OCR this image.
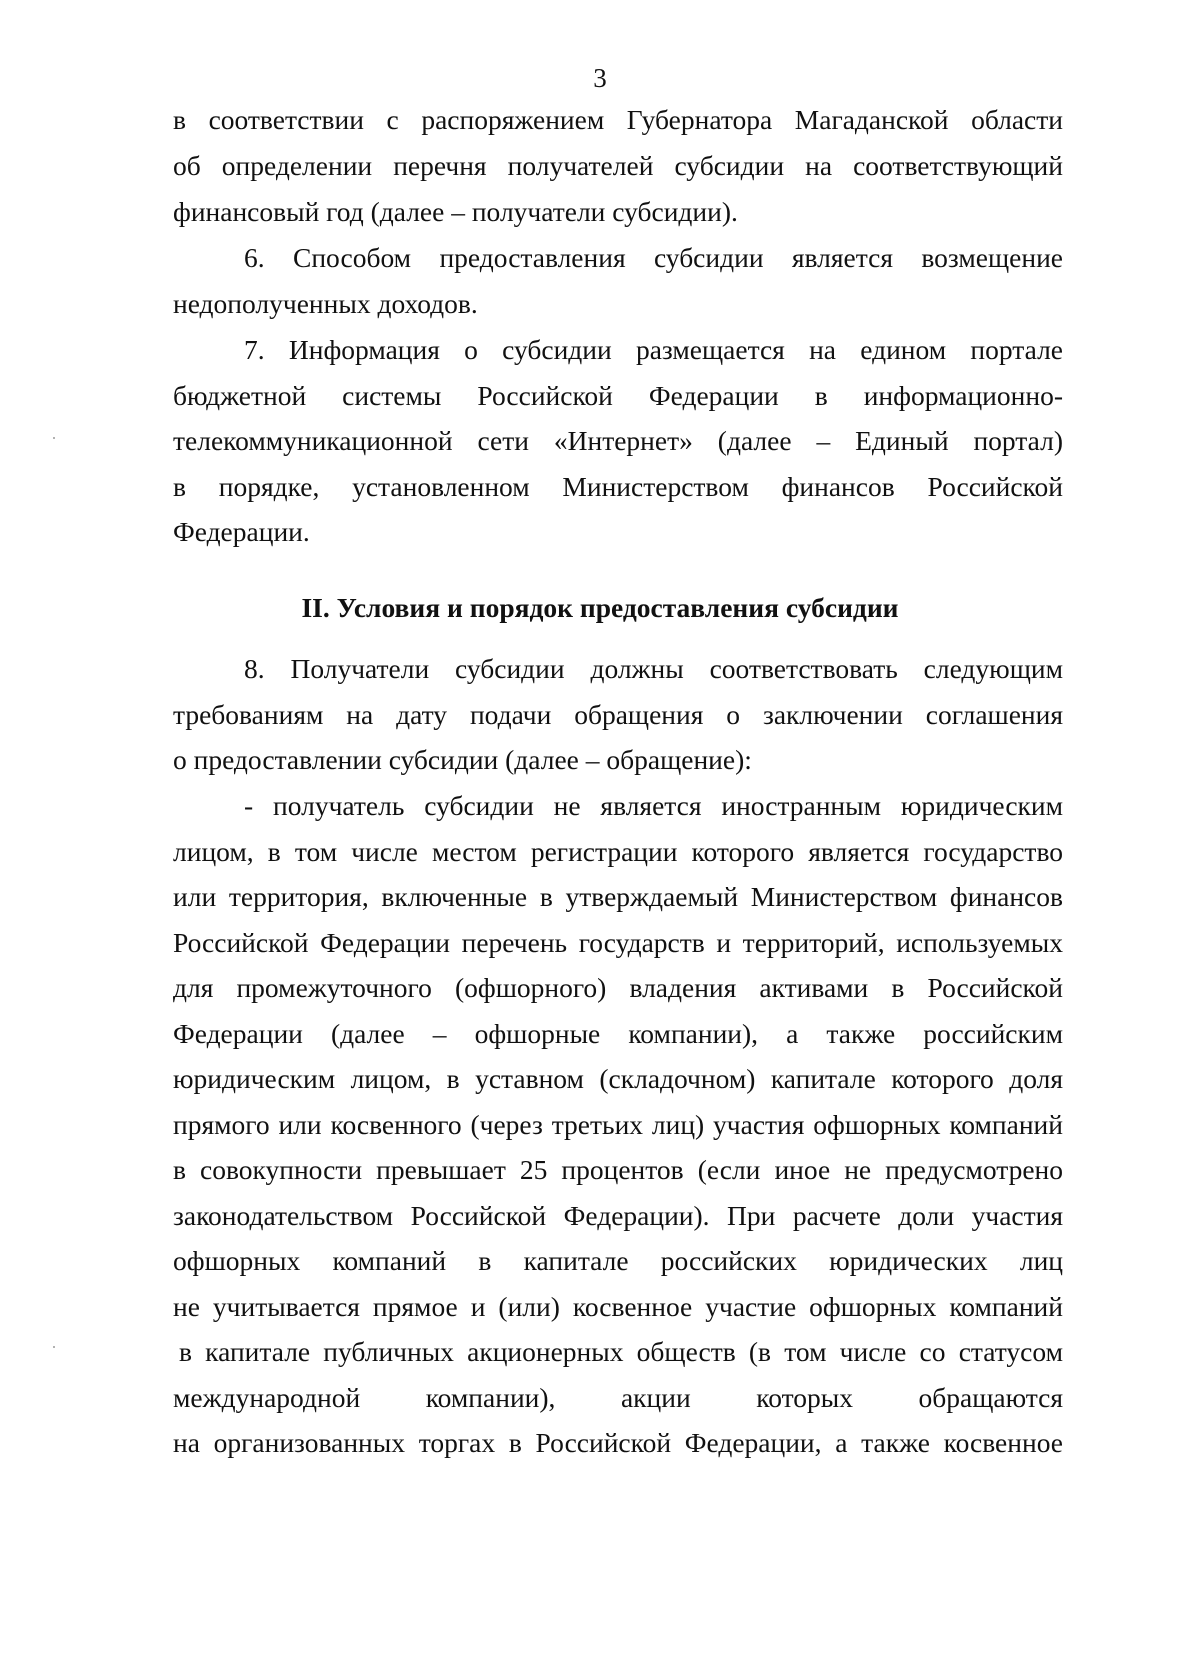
3
в соответствии с распоряжением Губернатора Магаданской области
об определении перечня получателей субсидии на соответствующий
финансовый год (далее – получатели субсидии).
6. Способом предоставления субсидии является возмещение
недополученных доходов.
7. Информация о субсидии размещается на едином портале
бюджетной системы Российской Федерации в информационно-
телекоммуникационной сети «Интернет» (далее – Единый портал)
в порядке, установленном Министерством финансов Российской
Федерации.
II. Условия и порядок предоставления субсидии
8. Получатели субсидии должны соответствовать следующим
требованиям на дату подачи обращения о заключении соглашения
о предоставлении субсидии (далее – обращение):
- получатель субсидии не является иностранным юридическим
лицом, в том числе местом регистрации которого является государство
или территория, включенные в утверждаемый Министерством финансов
Российской Федерации перечень государств и территорий, используемых
для промежуточного (офшорного) владения активами в Российской
Федерации (далее – офшорные компании), а также российским
юридическим лицом, в уставном (складочном) капитале которого доля
прямого или косвенного (через третьих лиц) участия офшорных компаний
в совокупности превышает 25 процентов (если иное не предусмотрено
законодательством Российской Федерации). При расчете доли участия
офшорных компаний в капитале российских юридических лиц
не учитывается прямое и (или) косвенное участие офшорных компаний
в капитале публичных акционерных обществ (в том числе со статусом
международной компании), акции которых обращаются
на организованных торгах в Российской Федерации, а также косвенное
